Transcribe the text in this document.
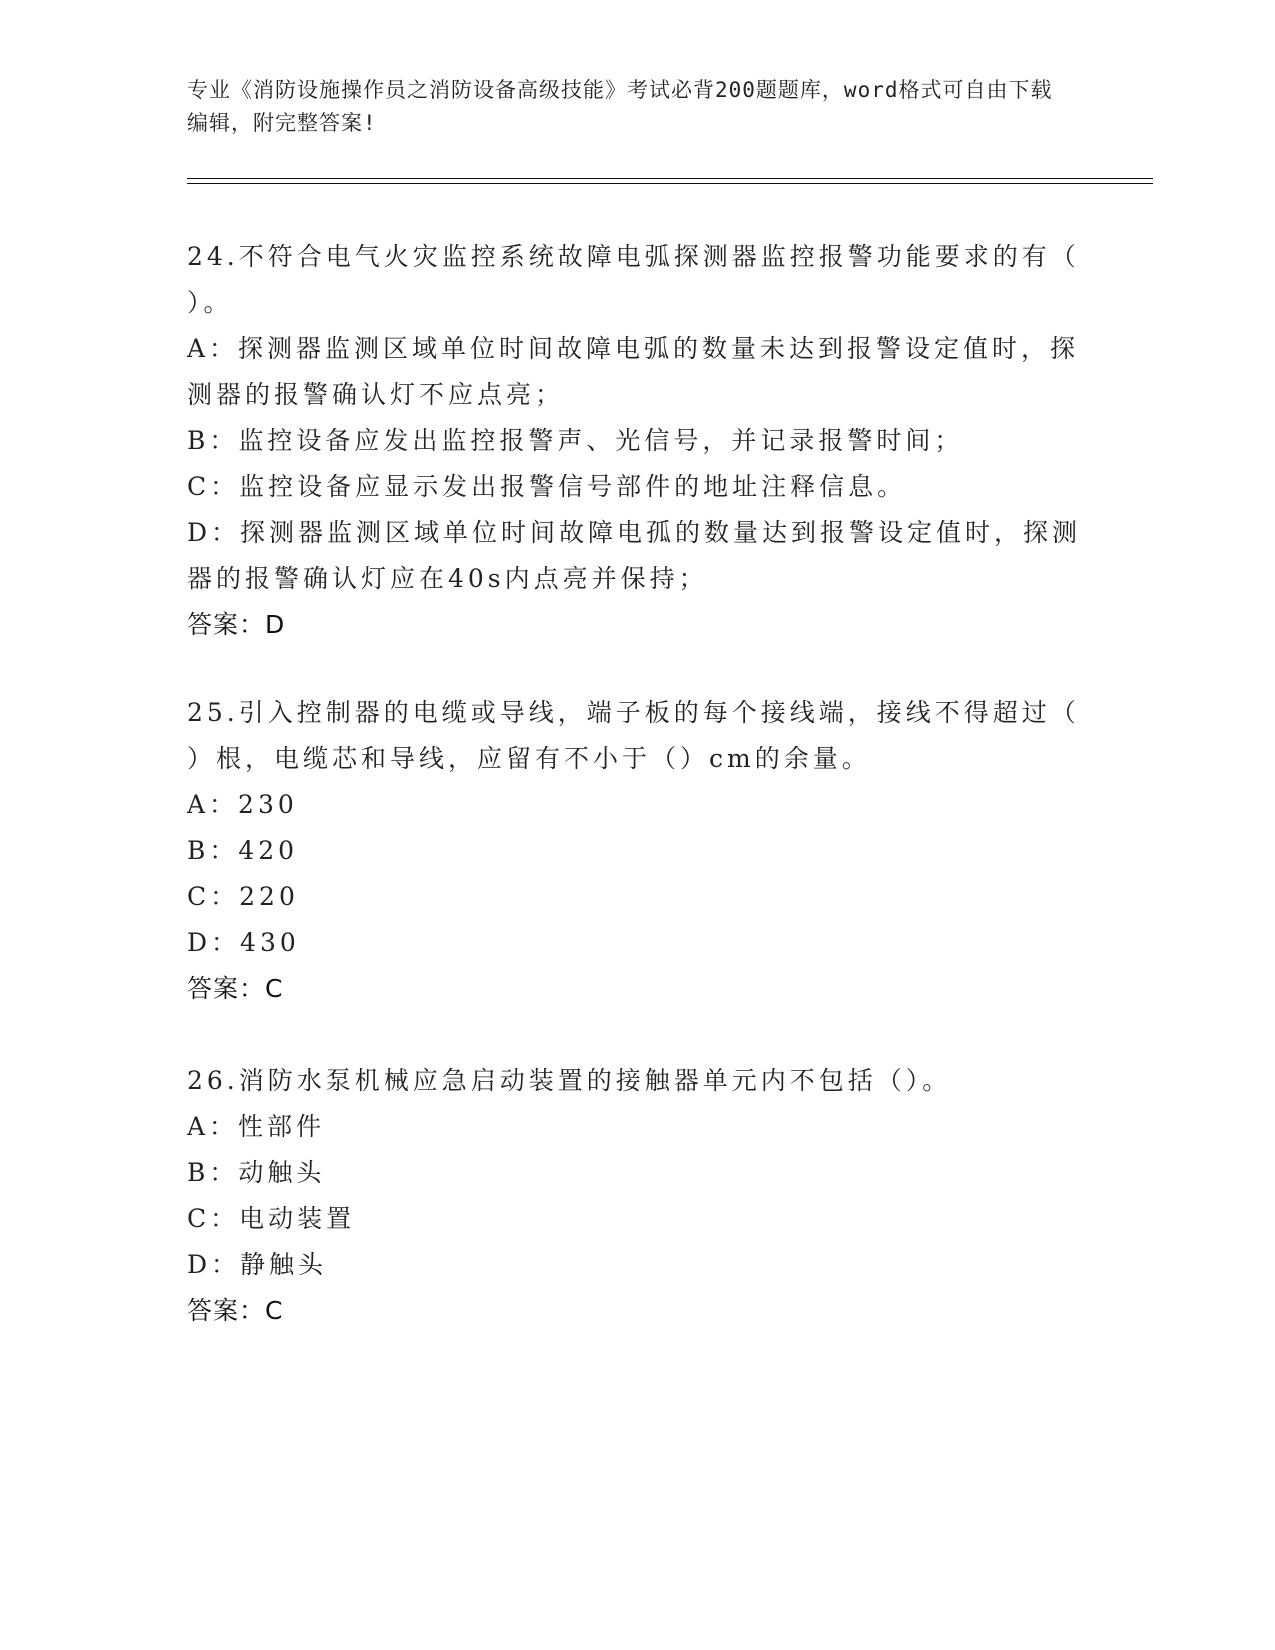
专业《消防设施操作员之消防设备高级技能》考试必背200题题库，word格式可自由下载编辑，附完整答案!

24.不符合电气火灾监控系统故障电弧探测器监控报警功能要求的有（ ）。

A：探测器监测区域单位时间故障电弧的数量未达到报警设定值时，探测器的报警确认灯不应点亮；

B：监控设备应发出监控报警声、光信号，并记录报警时间；

C：监控设备应显示发出报警信号部件的地址注释信息。

D：探测器监测区域单位时间故障电孤的数量达到报警设定值时，探测器的报警确认灯应在40s内点亮并保持；

答案：D

25.引入控制器的电缆或导线，端子板的每个接线端，接线不得超过（ ）根，电缆芯和导线，应留有不小于（）cm的余量。

A：230

B：420

C：220

D：430

答案：C

26.消防水泵机械应急启动装置的接触器单元内不包括（）。

A：性部件

B：动触头

C：电动装置

D：静触头

答案：C
